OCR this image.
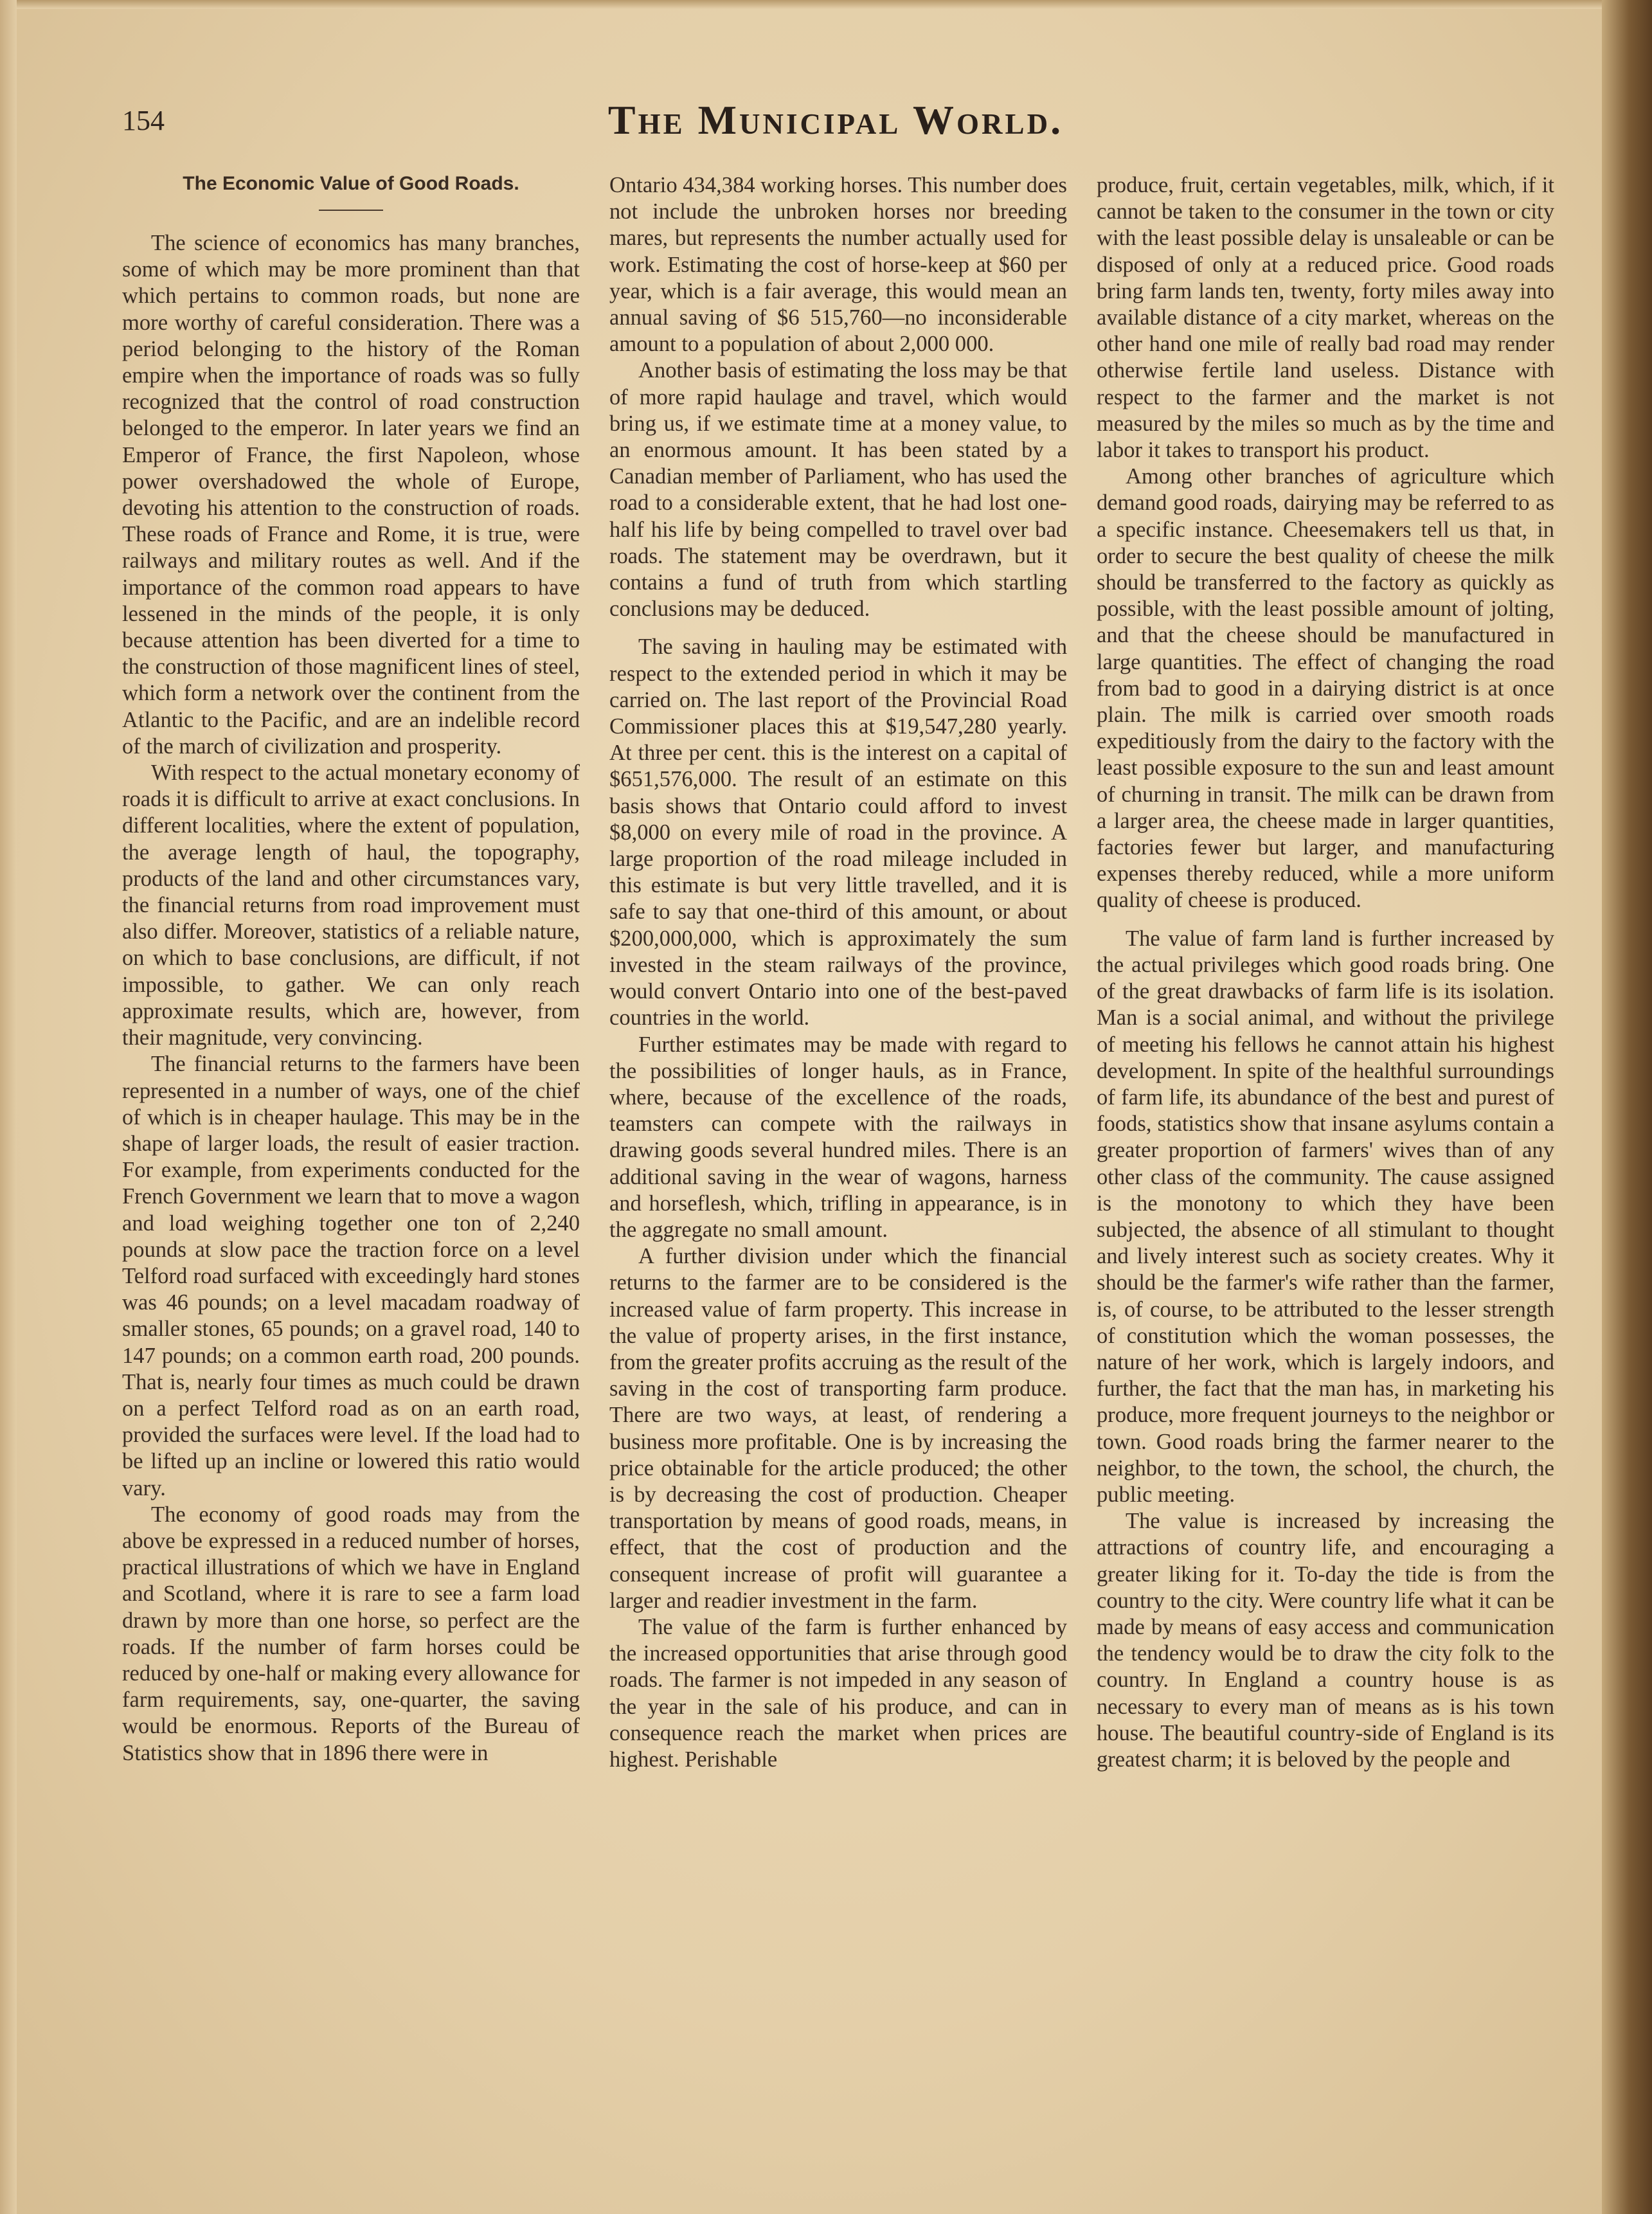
154	The Municipal World.
The Economic Value of Good Roads.

The science of economics has many branches, some of which may be more prominent than that which pertains to common roads, but none are more worthy of careful consideration. There was a period belonging to the history of the Roman empire when the importance of roads was so fully recognized that the control of road construction belonged to the emperor. In later years we find an Emperor of France, the first Napoleon, whose power overshadowed the whole of Europe, devoting his attention to the construction of roads. These roads of France and Rome, it is true, were railways and military routes as well. And if the importance of the common road appears to have lessened in the minds of the people, it is only because attention has been diverted for a time to the construction of those magnificent lines of steel, which form a network over the continent from the Atlantic to the Pacific, and are an indelible record of the march of civilization and prosperity.

With respect to the actual monetary economy of roads it is difficult to arrive at exact conclusions. In different localities, where the extent of population, the average length of haul, the topography, products of the land and other circumstances vary, the financial returns from road improvement must also differ. Moreover, statistics of a reliable nature, on which to base conclusions, are difficult, if not impossible, to gather. We can only reach approximate results, which are, however, from their magnitude, very convincing.

The financial returns to the farmers have been represented in a number of ways, one of the chief of which is in cheaper haulage. This may be in the shape of larger loads, the result of easier traction. For example, from experiments conducted for the French Government we learn that to move a wagon and load weighing together one ton of 2,240 pounds at slow pace the traction force on a level Telford road surfaced with exceedingly hard stones was 46 pounds; on a level macadam roadway of smaller stones, 65 pounds; on a gravel road, 140 to 147 pounds; on a common earth road, 200 pounds. That is, nearly four times as much could be drawn on a perfect Telford road as on an earth road, provided the surfaces were level. If the load had to be lifted up an incline or lowered this ratio would vary.

The economy of good roads may from the above be expressed in a reduced number of horses, practical illustrations of which we have in England and Scotland, where it is rare to see a farm load drawn by more than one horse, so perfect are the roads. If the number of farm horses could be reduced by one-half or making every allowance for farm requirements, say, one-quarter, the saving would be enormous. Reports of the Bureau of Statistics show that in 1896 there were in

Ontario 434,384 working horses. This number does not include the unbroken horses nor breeding mares, but represents the number actually used for work. Estimating the cost of horse-keep at $60 per year, which is a fair average, this would mean an annual saving of $6 515,760—no inconsiderable amount to a population of about 2,000 000.

Another basis of estimating the loss may be that of more rapid haulage and travel, which would bring us, if we estimate time at a money value, to an enormous amount. It has been stated by a Canadian member of Parliament, who has used the road to a considerable extent, that he had lost one-half his life by being compelled to travel over bad roads. The statement may be overdrawn, but it contains a fund of truth from which startling conclusions may be deduced.

The saving in hauling may be estimated with respect to the extended period in which it may be carried on. The last report of the Provincial Road Commissioner places this at $19,547,280 yearly. At three per cent. this is the interest on a capital of $651,576,000. The result of an estimate on this basis shows that Ontario could afford to invest $8,000 on every mile of road in the province. A large proportion of the road mileage included in this estimate is but very little travelled, and it is safe to say that one-third of this amount, or about $200,000,000, which is approximately the sum invested in the steam railways of the province, would convert Ontario into one of the best-paved countries in the world.

Further estimates may be made with regard to the possibilities of longer hauls, as in France, where, because of the excellence of the roads, teamsters can compete with the railways in drawing goods several hundred miles. There is an additional saving in the wear of wagons, harness and horseflesh, which, trifling in appearance, is in the aggregate no small amount.

A further division under which the financial returns to the farmer are to be considered is the increased value of farm property. This increase in the value of property arises, in the first instance, from the greater profits accruing as the result of the saving in the cost of transporting farm produce. There are two ways, at least, of rendering a business more profitable. One is by increasing the price obtainable for the article produced; the other is by decreasing the cost of production. Cheaper transportation by means of good roads, means, in effect, that the cost of production and the consequent increase of profit will guarantee a larger and readier investment in the farm.

The value of the farm is further enhanced by the increased opportunities that arise through good roads. The farmer is not impeded in any season of the year in the sale of his produce, and can in consequence reach the market when prices are highest. Perishable

produce, fruit, certain vegetables, milk, which, if it cannot be taken to the consumer in the town or city with the least possible delay is unsaleable or can be disposed of only at a reduced price. Good roads bring farm lands ten, twenty, forty miles away into available distance of a city market, whereas on the other hand one mile of really bad road may render otherwise fertile land useless. Distance with respect to the farmer and the market is not measured by the miles so much as by the time and labor it takes to transport his product.

Among other branches of agriculture which demand good roads, dairying may be referred to as a specific instance. Cheesemakers tell us that, in order to secure the best quality of cheese the milk should be transferred to the factory as quickly as possible, with the least possible amount of jolting, and that the cheese should be manufactured in large quantities. The effect of changing the road from bad to good in a dairying district is at once plain. The milk is carried over smooth roads expeditiously from the dairy to the factory with the least possible exposure to the sun and least amount of churning in transit. The milk can be drawn from a larger area, the cheese made in larger quantities, factories fewer but larger, and manufacturing expenses thereby reduced, while a more uniform quality of cheese is produced.

The value of farm land is further increased by the actual privileges which good roads bring. One of the great drawbacks of farm life is its isolation. Man is a social animal, and without the privilege of meeting his fellows he cannot attain his highest development. In spite of the healthful surroundings of farm life, its abundance of the best and purest of foods, statistics show that insane asylums contain a greater proportion of farmers' wives than of any other class of the community. The cause assigned is the monotony to which they have been subjected, the absence of all stimulant to thought and lively interest such as society creates. Why it should be the farmer's wife rather than the farmer, is, of course, to be attributed to the lesser strength of constitution which the woman possesses, the nature of her work, which is largely indoors, and further, the fact that the man has, in marketing his produce, more frequent journeys to the neighbor or town. Good roads bring the farmer nearer to the neighbor, to the town, the school, the church, the public meeting.

The value is increased by increasing the attractions of country life, and encouraging a greater liking for it. To-day the tide is from the country to the city. Were country life what it can be made by means of easy access and communication the tendency would be to draw the city folk to the country. In England a country house is as necessary to every man of means as is his town house. The beautiful country-side of England is its greatest charm; it is beloved by the people and
